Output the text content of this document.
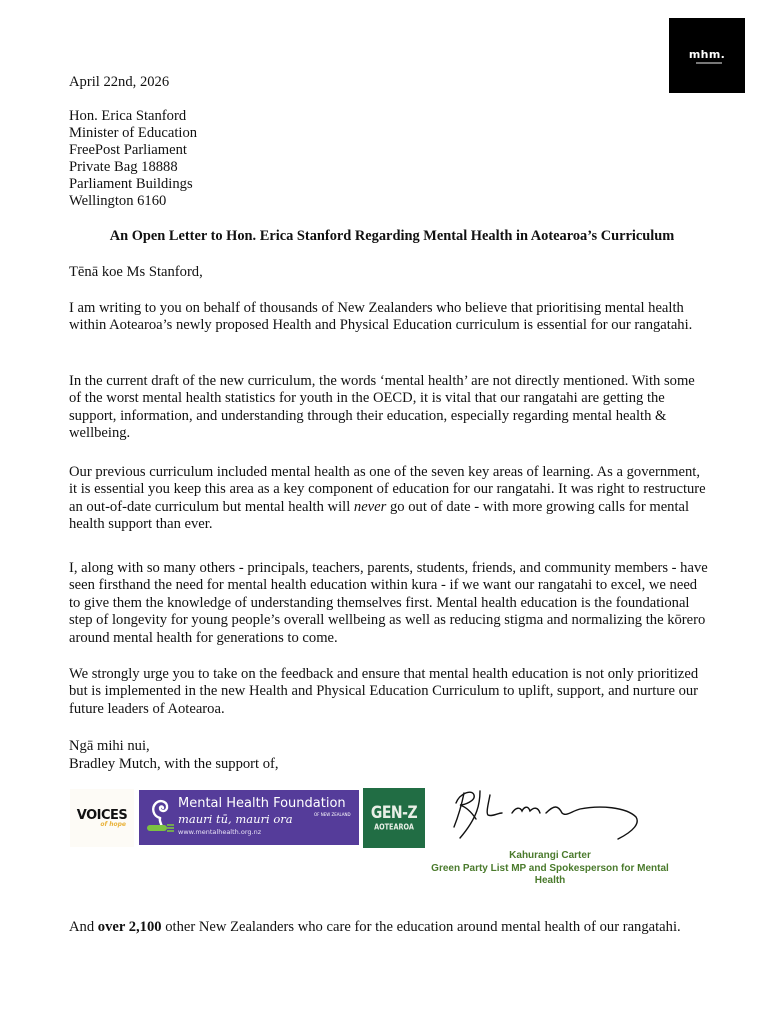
mhm.
April 22nd, 2026
Hon. Erica Stanford
Minister of Education
FreePost Parliament
Private Bag 18888
Parliament Buildings
Wellington 6160
An Open Letter to Hon. Erica Stanford Regarding Mental Health in Aotearoa’s Curriculum
Tēnā koe Ms Stanford,
I am writing to you on behalf of thousands of New Zealanders who believe that prioritising mental health within Aotearoa’s newly proposed Health and Physical Education curriculum is essential for our rangatahi.
In the current draft of the new curriculum, the words ‘mental health’ are not directly mentioned. With some of the worst mental health statistics for youth in the OECD, it is vital that our rangatahi are getting the support, information, and understanding through their education, especially regarding mental health & wellbeing.
Our previous curriculum included mental health as one of the seven key areas of learning. As a government, it is essential you keep this area as a key component of education for our rangatahi. It was right to restructure an out-of-date curriculum but mental health will never go out of date - with more growing calls for mental health support than ever.
I, along with so many others - principals, teachers, parents, students, friends, and community members - have seen firsthand the need for mental health education within kura - if we want our rangatahi to excel, we need to give them the knowledge of understanding themselves first. Mental health education is the foundational step of longevity for young people’s overall wellbeing as well as reducing stigma and normalizing the kōrero around mental health for generations to come.
We strongly urge you to take on the feedback and ensure that mental health education is not only prioritized but is implemented in the new Health and Physical Education Curriculum to uplift, support, and nurture our future leaders of Aotearoa.
Ngā mihi nui,
Bradley Mutch, with the support of,
VOICES
of hope
Mental Health Foundation
mauri tū, mauri ora	OF NEW ZEALAND
www.mentalhealth.org.nz
GEN-Z
AOTEAROA
Kahurangi Carter
Green Party List MP and Spokesperson for Mental Health
And over 2,100 other New Zealanders who care for the education around mental health of our rangatahi.
